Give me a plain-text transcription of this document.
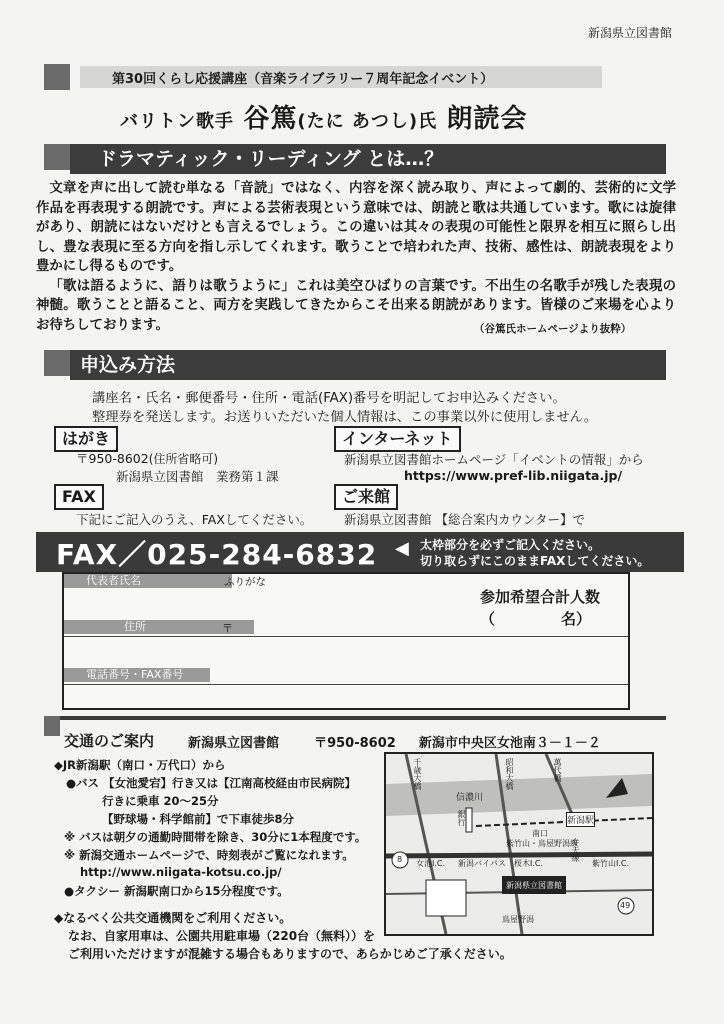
新潟県立図書館
第30回くらし応援講座（音楽ライブラリー７周年記念イベント）
バリトン歌手 谷篤(たに あつし)氏 朗読会
ドラマティック・リーディング とは…？

文章を声に出して読む単なる「音読」ではなく、内容を深く読み取り、声によって劇的、芸術的に文学作品を再表現する朗読です。声による芸術表現という意味では、朗読と歌は共通しています。歌には旋律があり、朗読にはないだけとも言えるでしょう。この違いは其々の表現の可能性と限界を相互に照らし出し、豊な表現に至る方向を指し示してくれます。歌うことで培われた声、技術、感性は、朗読表現をより豊かにし得るものです。

「歌は語るように、語りは歌うように」これは美空ひばりの言葉です。不出生の名歌手が残した表現の神髄。歌うことと語ること、両方を実践してきたからこそ出来る朗読があります。皆様のご来場を心よりお待ちしております。	（谷篤氏ホームページより抜粋）
申込み方法
講座名・氏名・郵便番号・住所・電話(FAX)番号を明記してお申込みください。
整理券を発送します。お送りいただいた個人情報は、この事業以外に使用しません。
はがき
〒950-8602(住所省略可)
新潟県立図書館　業務第１課
インターネット
新潟県立図書館ホームページ「イベントの情報」から
https://www.pref-lib.niigata.jp/
FAX
下記にご記入のうえ、FAXしてください。
ご来館
新潟県立図書館 【総合案内カウンター】で
FAX／025-284-6832 ◀ 太枠部分を必ずご記入ください。
切り取らずにこのままFAXしてください。
代表者氏名	ふりがな
住所	〒
電話番号・FAX番号
参加希望合計人数
（	名）
交通のご案内	新潟県立図書館	〒950-8602 新潟市中央区女池南３－１－２
◆JR新潟駅（南口・万代口）から
●バス 【女池愛宕】行き又は【江南高校経由市民病院】
行きに乗車 20～25分
【野球場・科学館前】で下車徒歩8分
※ バスは朝夕の通勤時間帯を除き、30分に1本程度です。
※ 新潟交通ホームページで、時刻表がご覧になれます。
http://www.niigata-kotsu.co.jp/
●タクシー 新潟駅南口から15分程度です。
◆なるべく公共交通機関をご利用ください。
なお、自家用車は、公園共用駐車場（220台（無料））を
ご利用いただけますが混雑する場合もありますので、あらかじめご了承ください。
千歳大橋
信濃川
昭和大橋	萬代橋
新潟駅
南口
紫竹山・鳥屋野潟線
女池I.C. 新潟バイパス 桜木I.C.	紫竹山I.C.
弁天線
新潟県立図書館
鳥屋野潟
銀行
8
49
